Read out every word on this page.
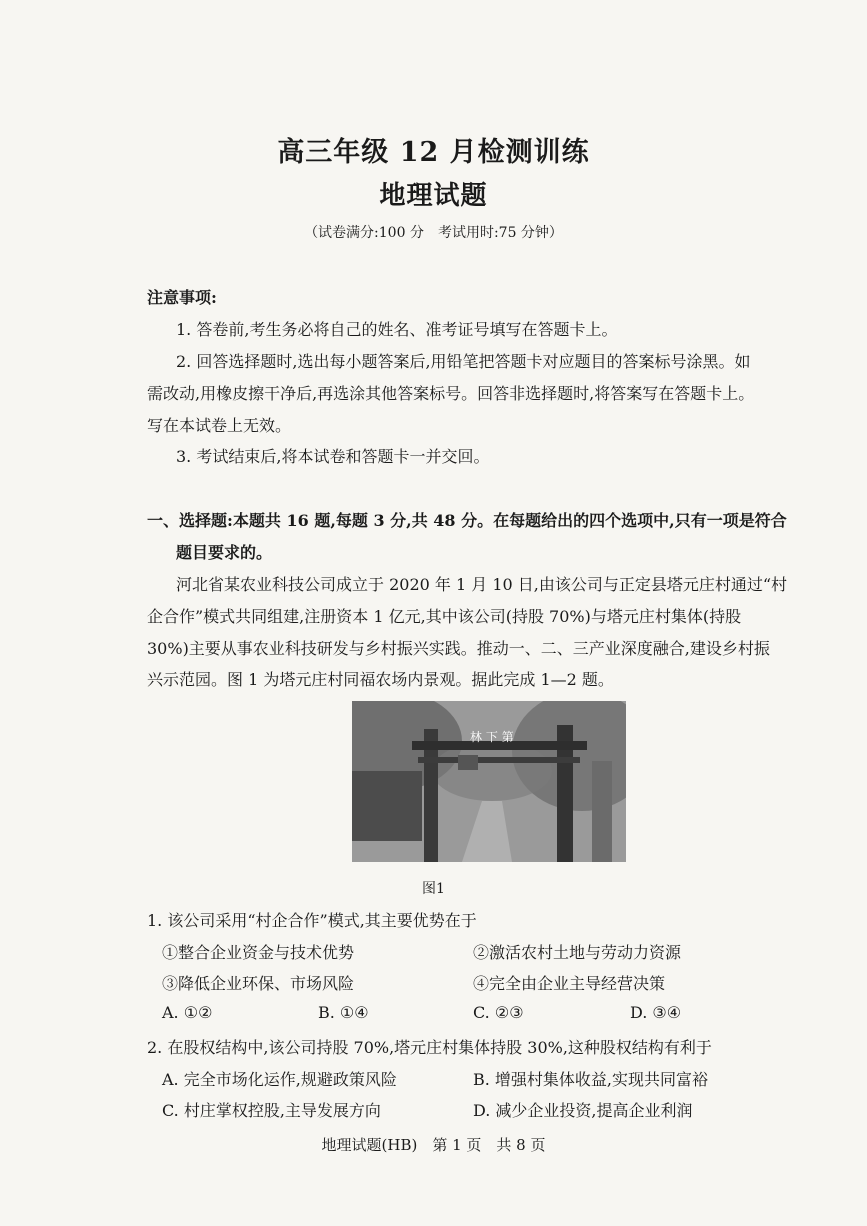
高三年级 12 月检测训练
地理试题
（试卷满分:100 分　考试用时:75 分钟）
注意事项:
1. 答卷前,考生务必将自己的姓名、准考证号填写在答题卡上。
2. 回答选择题时,选出每小题答案后,用铅笔把答题卡对应题目的答案标号涂黑。如
需改动,用橡皮擦干净后,再选涂其他答案标号。回答非选择题时,将答案写在答题卡上。
写在本试卷上无效。
3. 考试结束后,将本试卷和答题卡一并交回。
一、选择题:本题共 16 题,每题 3 分,共 48 分。在每题给出的四个选项中,只有一项是符合
题目要求的。
河北省某农业科技公司成立于 2020 年 1 月 10 日,由该公司与正定县塔元庄村通过“村
企合作”模式共同组建,注册资本 1 亿元,其中该公司(持股 70%)与塔元庄村集体(持股
30%)主要从事农业科技研发与乡村振兴实践。推动一、二、三产业深度融合,建设乡村振
兴示范园。图 1 为塔元庄村同福农场内景观。据此完成 1—2 题。
林 下 第
图1
1. 该公司采用“村企合作”模式,其主要优势在于
①整合企业资金与技术优势	②激活农村土地与劳动力资源
③降低企业环保、市场风险	④完全由企业主导经营决策
A. ①②	B. ①④	C. ②③	D. ③④
2. 在股权结构中,该公司持股 70%,塔元庄村集体持股 30%,这种股权结构有利于
A. 完全市场化运作,规避政策风险	B. 增强村集体收益,实现共同富裕
C. 村庄掌权控股,主导发展方向	D. 减少企业投资,提高企业利润
地理试题(HB)　第 1 页　共 8 页
